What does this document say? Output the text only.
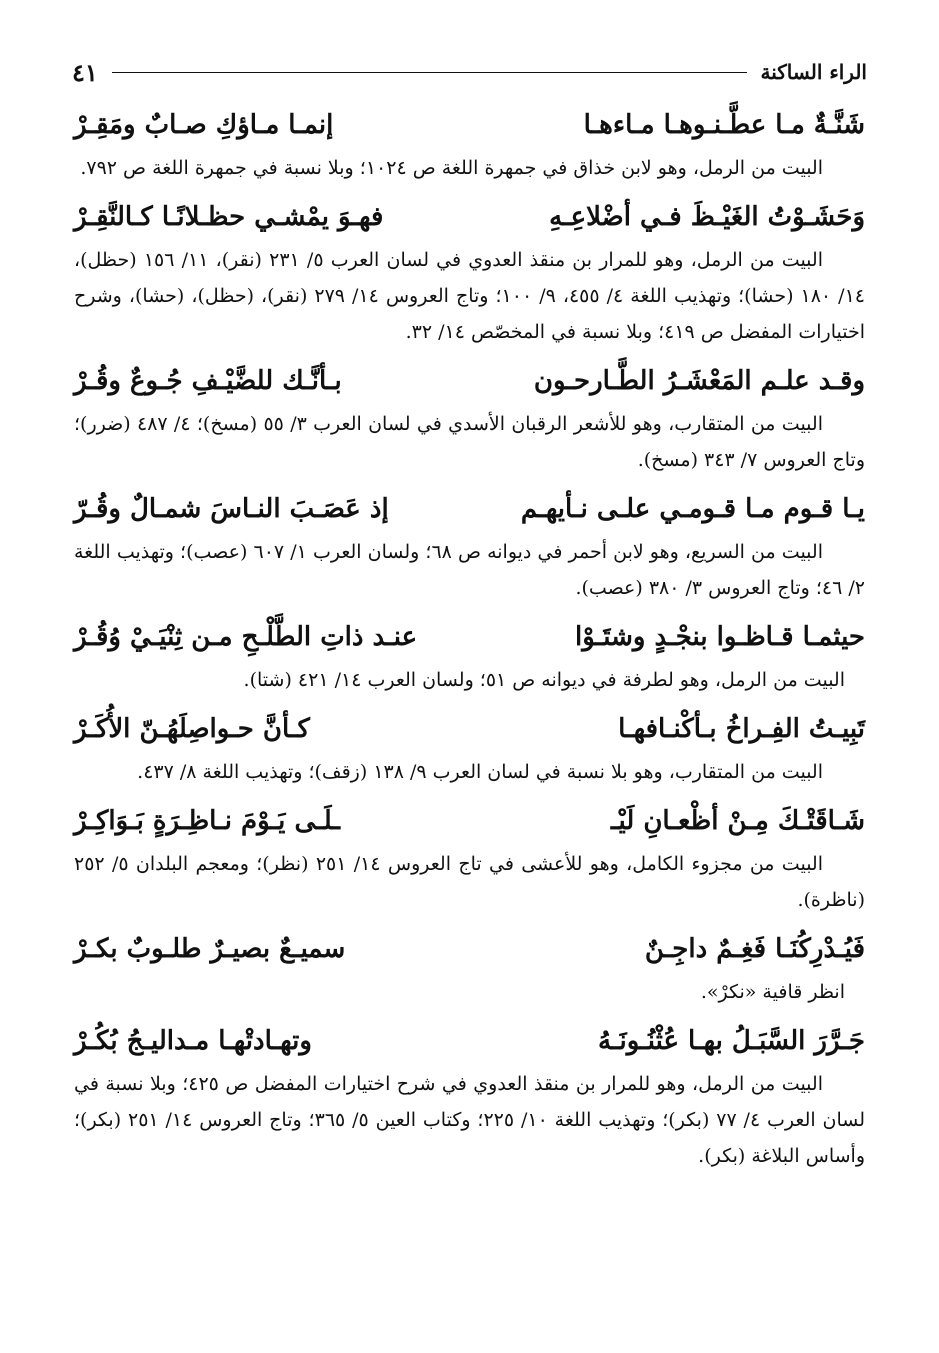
الراء الساكنة
٤١
شَنَّـةٌ مـا عطَّـنـوهـا مـاءهـا
إنمـا مـاؤكِ صـابٌ ومَقِـرْ
البيت من الرمل، وهو لابن خذاق في جمهرة اللغة ص ١٠٢٤؛ وبلا نسبة في جمهرة اللغة ص ٧٩٢.
وَحَشَـوْتُ الغَيْـظَ فـي أضْلاعِـهِ
فهـوَ يمْشـي حظـلانًـا كـالنَّقِـرْ
البيت من الرمل، وهو للمرار بن منقذ العدوي في لسان العرب ٥/ ٢٣١ (نقر)، ١١/ ١٥٦ (حظل)، ١٤/ ١٨٠ (حشا)؛ وتهذيب اللغة ٤/ ٤٥٥، ٩/ ١٠٠؛ وتاج العروس ١٤/ ٢٧٩ (نقر)، (حظل)، (حشا)، وشرح اختيارات المفضل ص ٤١٩؛ وبلا نسبة في المخصّص ١٤/ ٣٢.
وقـد علـم المَعْشَـرُ الطَّـارحـون
بـأنَّـك للضَّيْـفِ جُـوعٌ وقُـرْ
البيت من المتقارب، وهو للأشعر الرقبان الأسدي في لسان العرب ٣/ ٥٥ (مسخ)؛ ٤/ ٤٨٧ (ضرر)؛ وتاج العروس ٧/ ٣٤٣ (مسخ).
يـا قـوم مـا قـومـي علـى نـأيهـم
إذ عَصَـبَ النـاسَ شمـالٌ وقُـرّ
البيت من السريع، وهو لابن أحمر في ديوانه ص ٦٨؛ ولسان العرب ١/ ٦٠٧ (عصب)؛ وتهذيب اللغة ٢/ ٤٦؛ وتاج العروس ٣/ ٣٨٠ (عصب).
حيثمـا قـاظـوا بنجْـدٍ وشتَـوْا
عنـد ذاتِ الطَّلْـحِ مـن ثِنْيَـيْ وُقُـرْ
البيت من الرمل، وهو لطرفة في ديوانه ص ٥١؛ ولسان العرب ١٤/ ٤٢١ (شتا).
تَبِيـتُ الفِـراخُ بـأكْنـافهـا
كـأنَّ حـواصِلَهُـنّ الأُكَـرْ
البيت من المتقارب، وهو بلا نسبة في لسان العرب ٩/ ١٣٨ (زقف)؛ وتهذيب اللغة ٨/ ٤٣٧.
شَـاقَتْـكَ مِـنْ أظْعـانِ لَيْـ
ـلَـى يَـوْمَ نـاظِـرَةٍ بَـوَاكِـرْ
البيت من مجزوء الكامل، وهو للأعشى في تاج العروس ١٤/ ٢٥١ (نظر)؛ ومعجم البلدان ٥/ ٢٥٢ (ناظرة).
فَيُـدْرِكُنَـا فَغِـمٌ داجِـنٌ
سميـعٌ بصيـرٌ طلـوبٌ بكـرْ
انظر قافية «نكرْ».
جَـرَّرَ السَّبَـلُ بهـا عُثْنُـونَـهُ
وتهـادتْهـا مـداليـجُ بُكُـرْ
البيت من الرمل، وهو للمرار بن منقذ العدوي في شرح اختيارات المفضل ص ٤٢٥؛ وبلا نسبة في لسان العرب ٤/ ٧٧ (بكر)؛ وتهذيب اللغة ١٠/ ٢٢٥؛ وكتاب العين ٥/ ٣٦٥؛ وتاج العروس ١٤/ ٢٥١ (بكر)؛ وأساس البلاغة (بكر).
